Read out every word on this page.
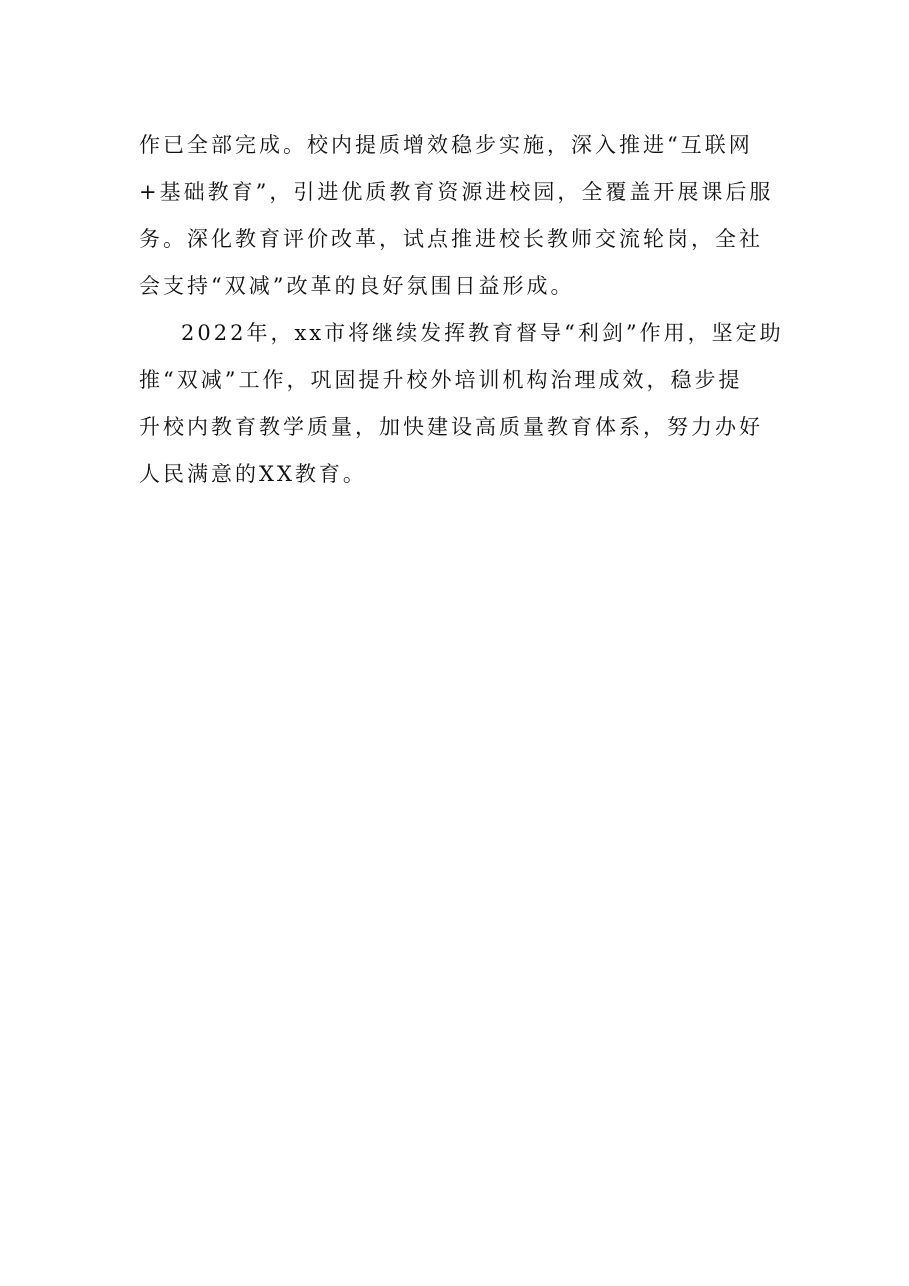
作已全部完成。校内提质增效稳步实施，深入推进“互联网
+基础教育”，引进优质教育资源进校园，全覆盖开展课后服
务。深化教育评价改革，试点推进校长教师交流轮岗，全社
会支持“双减”改革的良好氛围日益形成。

2022年，xx市将继续发挥教育督导“利剑”作用，坚定助
推“双减”工作，巩固提升校外培训机构治理成效，稳步提
升校内教育教学质量，加快建设高质量教育体系，努力办好
人民满意的XX教育。
